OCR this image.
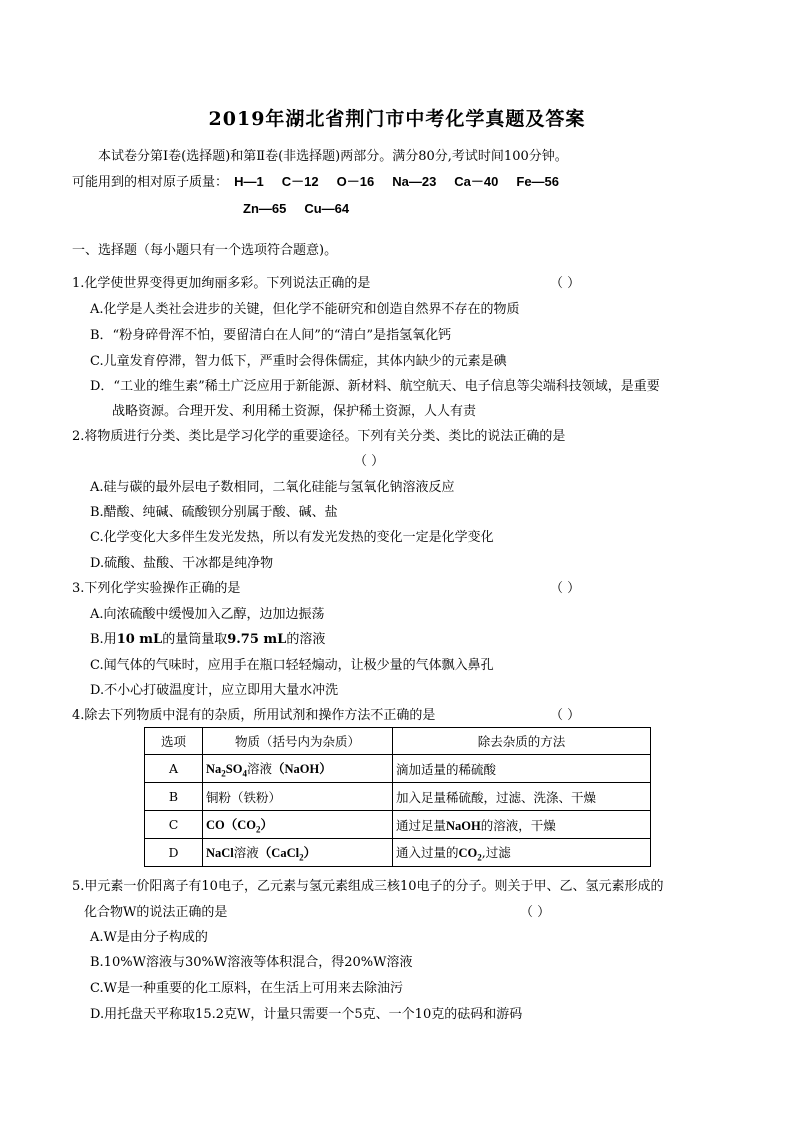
2019年湖北省荆门市中考化学真题及答案
本试卷分第Ⅰ卷(选择题)和第Ⅱ卷(非选择题)两部分。满分80分,考试时间100分钟。
可能用到的相对原子质量： H—1 C－12 O－16 Na—23 Ca－40 Fe—56
Zn—65 Cu—64
一、选择题（每小题只有一个选项符合题意)。
1.化学使世界变得更加绚丽多彩。下列说法正确的是	（ ）
A.化学是人类社会进步的关键，但化学不能研究和创造自然界不存在的物质
B．“粉身碎骨浑不怕，要留清白在人间”的“清白”是指氢氧化钙
C.儿童发育停滞，智力低下，严重时会得侏儒症，其体内缺少的元素是碘
D．“工业的维生素”稀土广泛应用于新能源、新材料、航空航天、电子信息等尖端科技领域，是重要
战略资源。合理开发、利用稀土资源，保护稀土资源，人人有责
2.将物质进行分类、类比是学习化学的重要途径。下列有关分类、类比的说法正确的是
（ ）
A.硅与碳的最外层电子数相同，二氧化硅能与氢氧化钠溶液反应
B.醋酸、纯碱、硫酸钡分别属于酸、碱、盐
C.化学变化大多伴生发光发热，所以有发光发热的变化一定是化学变化
D.硫酸、盐酸、干冰都是纯净物
3.下列化学实验操作正确的是	（ ）
A.向浓硫酸中缓慢加入乙醇，边加边振荡
B.用10 mL的量筒量取9.75 mL的溶液
C.闻气体的气味时，应用手在瓶口轻轻煽动，让极少量的气体飘入鼻孔
D.不小心打破温度计，应立即用大量水冲洗
4.除去下列物质中混有的杂质，所用试剂和操作方法不正确的是	（ ）
选项	物质（括号内为杂质）	除去杂质的方法
A	$Na_2SO_4$溶液（NaOH）	滴加适量的稀硫酸
B	铜粉（铁粉）	加入足量稀硫酸，过滤、洗涤、干燥
C	$CO(CO_2)$	通过足量NaOH的溶液，干燥
D	NaCl溶液（CaCl$_2$）	通入过量的$CO_2$,过滤
5.甲元素一价阳离子有10电子，乙元素与氢元素组成三核10电子的分子。则关于甲、乙、氢元素形成的
化合物W的说法正确的是	（ ）
A.W是由分子构成的
B.10%W溶液与30%W溶液等体积混合，得20%W溶液
C.W是一种重要的化工原料，在生活上可用来去除油污
D.用托盘天平称取15.2克W，计量只需要一个5克、一个10克的砝码和游码
